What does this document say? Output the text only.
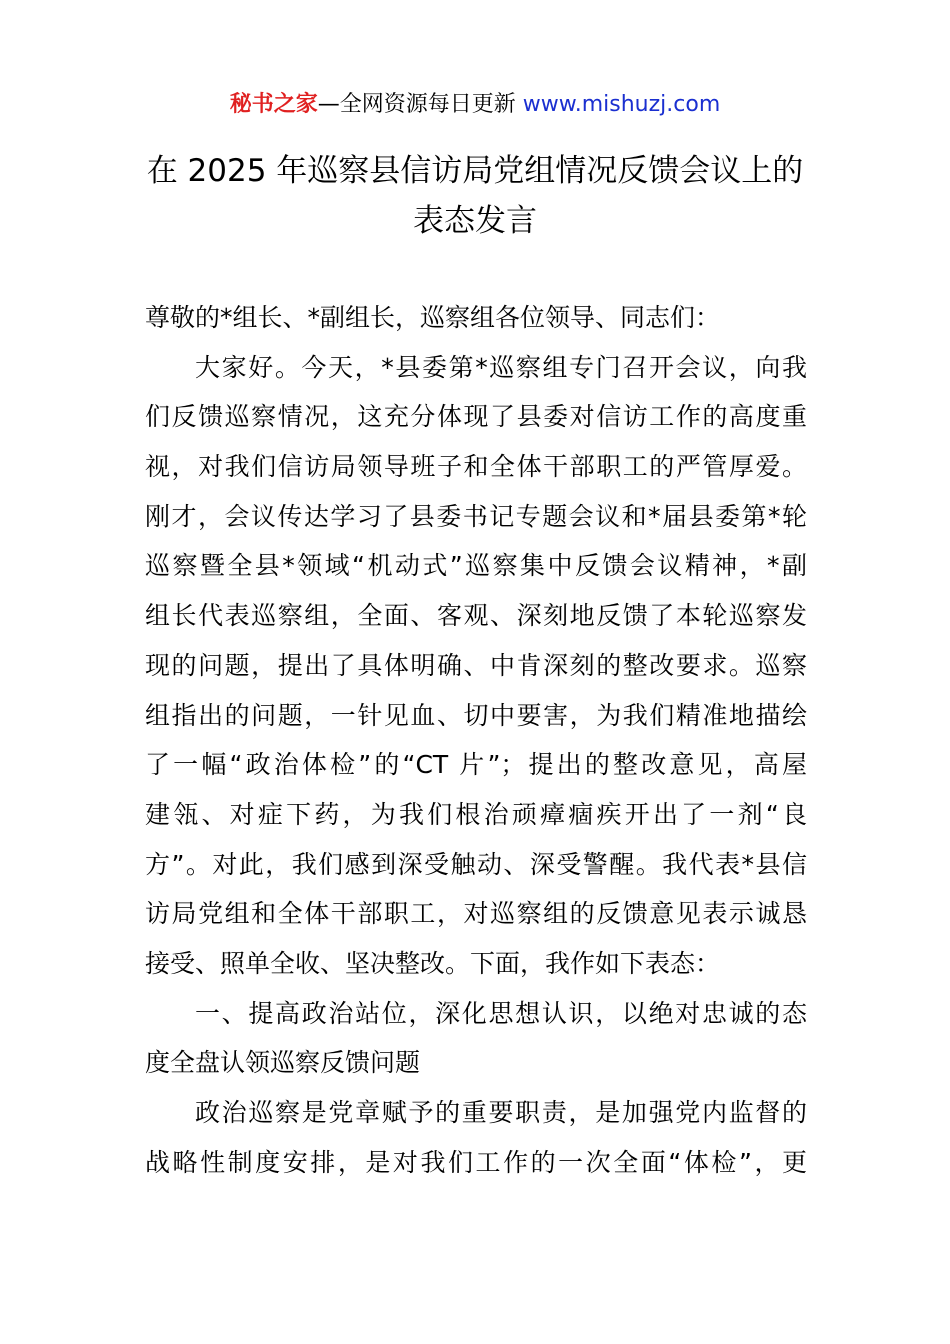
秘书之家—全网资源每日更新 www.mishuzj.com
在 2025 年巡察县信访局党组情况反馈会议上的
表态发言
尊敬的*组长、*副组长，巡察组各位领导、同志们：
大家好。今天，*县委第*巡察组专门召开会议，向我
们反馈巡察情况，这充分体现了县委对信访工作的高度重
视，对我们信访局领导班子和全体干部职工的严管厚爱。
刚才，会议传达学习了县委书记专题会议和*届县委第*轮
巡察暨全县*领域“机动式”巡察集中反馈会议精神，*副
组长代表巡察组，全面、客观、深刻地反馈了本轮巡察发
现的问题，提出了具体明确、中肯深刻的整改要求。巡察
组指出的问题，一针见血、切中要害，为我们精准地描绘
了一幅“政治体检”的“CT 片”；提出的整改意见，高屋
建瓴、对症下药，为我们根治顽瘴痼疾开出了一剂“良
方”。对此，我们感到深受触动、深受警醒。我代表*县信
访局党组和全体干部职工，对巡察组的反馈意见表示诚恳
接受、照单全收、坚决整改。下面，我作如下表态：
一、提高政治站位，深化思想认识，以绝对忠诚的态
度全盘认领巡察反馈问题
政治巡察是党章赋予的重要职责，是加强党内监督的
战略性制度安排，是对我们工作的一次全面“体检”，更
